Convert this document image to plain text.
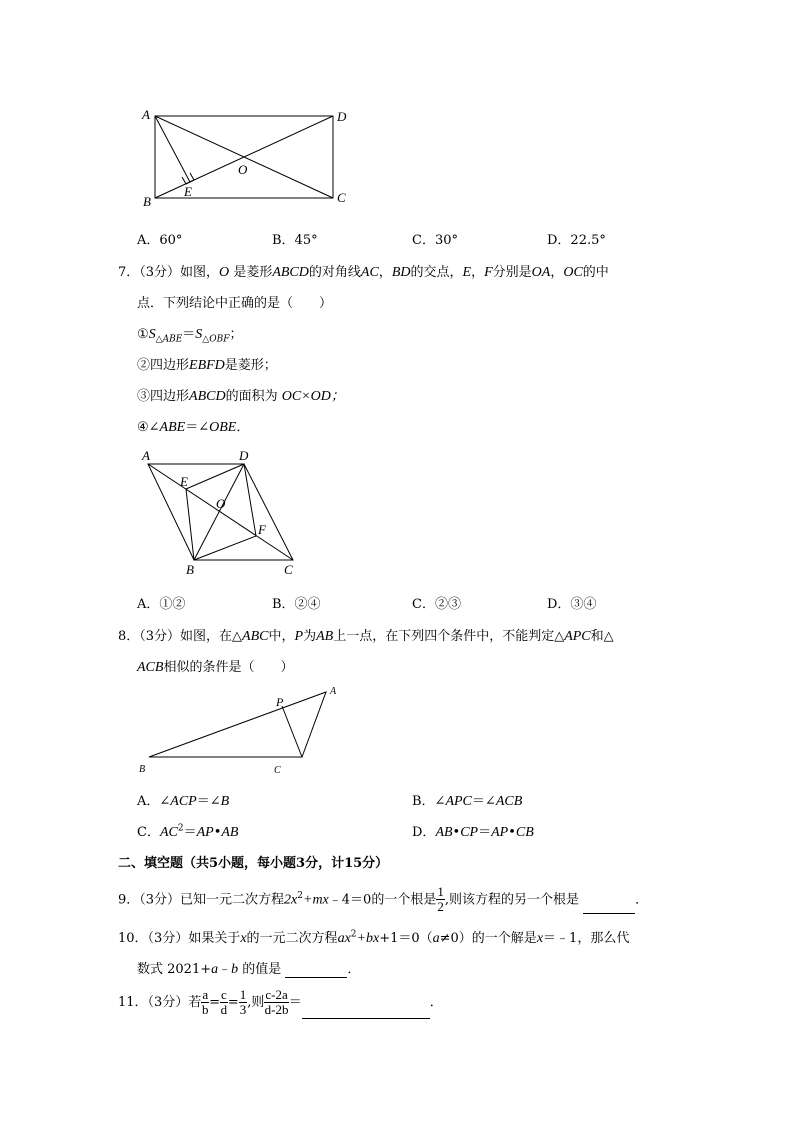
A	D
B	C
O
E
A．60°	B．45°	C．30°	D．22.5°
7．（3分）如图，O 是菱形ABCD的对角线AC，BD的交点，E，F分别是OA，OC的中
点．下列结论中正确的是（　　）
$①S_{\triangle ABE}=S_{\triangle OBF}$；
②四边形EBFD是菱形；
③四边形ABCD的面积为 OC×OD；
④∠ABE＝∠OBE．
A	D
E
O
F
B	C
A．①②	B．②④	C．②③	D．③④
8．（3分）如图，在△ABC中，P为AB上一点，在下列四个条件中，不能判定△APC和△
ACB相似的条件是（　　）
A
B	C
P
A．∠ACP＝∠B	B．∠APC＝∠ACB
C．$AC^2=AP•AB$	D．AB•CP＝AP•CB
二、填空题（共5小题，每小题3分，计15分）
9．（3分）已知一元二次方程$2x^2+mx﹣4=0$的一个根是 $\frac{1}{2}$ ,则该方程的另一个根是	．
10．（3分）如果关于x的一元二次方程$ax^2+bx+1=0(a\ne 0)$的一个解是x＝﹣1，那么代
数式 2021+a﹣b 的值是	．
11．（3分）若 $\frac{a}{b} = \frac{c}{d} = \frac{1}{3}$ ,则 $\frac{c-2a}{d-2b}$ ＝	．
